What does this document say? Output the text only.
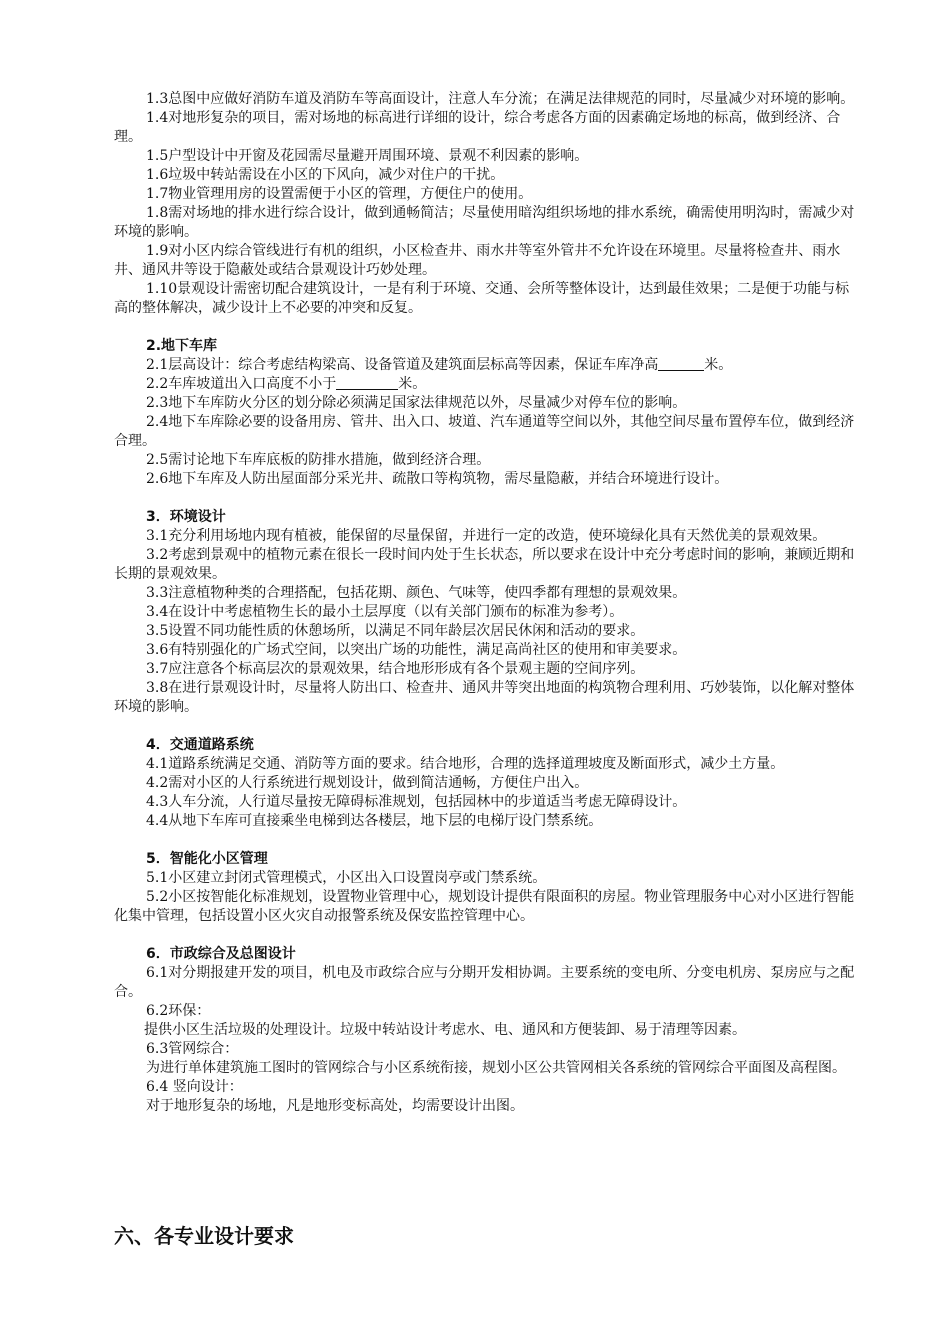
1.3总图中应做好消防车道及消防车等高面设计，注意人车分流；在满足法律规范的同时，尽量减少对环境的影响。

1.4对地形复杂的项目，需对场地的标高进行详细的设计，综合考虑各方面的因素确定场地的标高，做到经济、合理。

1.5户型设计中开窗及花园需尽量避开周围环境、景观不利因素的影响。

1.6垃圾中转站需设在小区的下风向，减少对住户的干扰。

1.7物业管理用房的设置需便于小区的管理，方便住户的使用。

1.8需对场地的排水进行综合设计，做到通畅简洁；尽量使用暗沟组织场地的排水系统，确需使用明沟时，需减少对环境的影响。

1.9对小区内综合管线进行有机的组织，小区检查井、雨水井等室外管井不允许设在环境里。尽量将检查井、雨水井、通风井等设于隐蔽处或结合景观设计巧妙处理。

1.10景观设计需密切配合建筑设计，一是有利于环境、交通、会所等整体设计，达到最佳效果；二是便于功能与标高的整体解决，减少设计上不必要的冲突和反复。

2.地下车库

2.1层高设计：综合考虑结构梁高、设备管道及建筑面层标高等因素，保证车库净高	米。

2.2车库坡道出入口高度不小于	米。

2.3地下车库防火分区的划分除必须满足国家法律规范以外，尽量减少对停车位的影响。

2.4地下车库除必要的设备用房、管井、出入口、坡道、汽车通道等空间以外，其他空间尽量布置停车位，做到经济合理。

2.5需讨论地下车库底板的防排水措施，做到经济合理。

2.6地下车库及人防出屋面部分采光井、疏散口等构筑物，需尽量隐蔽，并结合环境进行设计。

3．环境设计

3.1充分利用场地内现有植被，能保留的尽量保留，并进行一定的改造，使环境绿化具有天然优美的景观效果。

3.2考虑到景观中的植物元素在很长一段时间内处于生长状态，所以要求在设计中充分考虑时间的影响，兼顾近期和长期的景观效果。

3.3注意植物种类的合理搭配，包括花期、颜色、气味等，使四季都有理想的景观效果。

3.4在设计中考虑植物生长的最小土层厚度（以有关部门颁布的标准为参考）。

3.5设置不同功能性质的休憩场所，以满足不同年龄层次居民休闲和活动的要求。

3.6有特别强化的广场式空间，以突出广场的功能性，满足高尚社区的使用和审美要求。

3.7应注意各个标高层次的景观效果，结合地形形成有各个景观主题的空间序列。

3.8在进行景观设计时，尽量将人防出口、检查井、通风井等突出地面的构筑物合理利用、巧妙装饰，以化解对整体环境的影响。

4．交通道路系统

4.1道路系统满足交通、消防等方面的要求。结合地形，合理的选择道理坡度及断面形式，减少土方量。

4.2需对小区的人行系统进行规划设计，做到简洁通畅，方便住户出入。

4.3人车分流，人行道尽量按无障碍标准规划，包括园林中的步道适当考虑无障碍设计。

4.4从地下车库可直接乘坐电梯到达各楼层，地下层的电梯厅设门禁系统。

5．智能化小区管理

5.1小区建立封闭式管理模式，小区出入口设置岗亭或门禁系统。

5.2小区按智能化标准规划，设置物业管理中心，规划设计提供有限面积的房屋。物业管理服务中心对小区进行智能化集中管理，包括设置小区火灾自动报警系统及保安监控管理中心。

6．市政综合及总图设计

6.1对分期报建开发的项目，机电及市政综合应与分期开发相协调。主要系统的变电所、分变电机房、泵房应与之配合。

6.2环保：

提供小区生活垃圾的处理设计。垃圾中转站设计考虑水、电、通风和方便装卸、易于清理等因素。

6.3管网综合：

为进行单体建筑施工图时的管网综合与小区系统衔接，规划小区公共管网相关各系统的管网综合平面图及高程图。

6.4 竖向设计：

对于地形复杂的场地，凡是地形变标高处，均需要设计出图。

六、各专业设计要求
